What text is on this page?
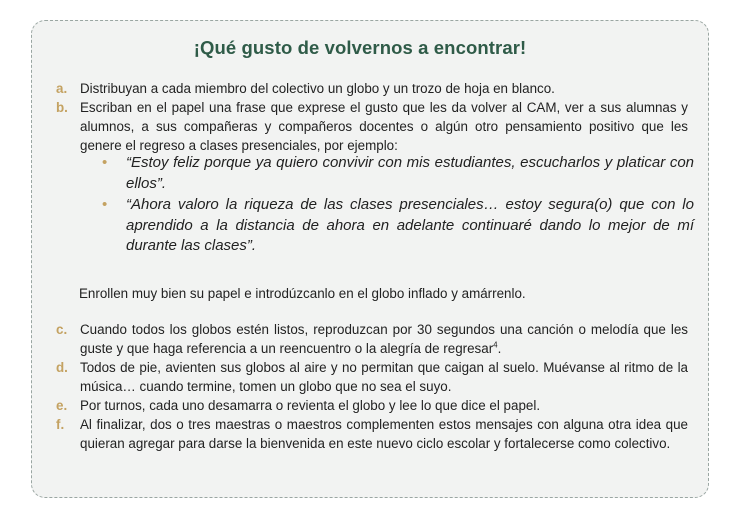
¡Qué gusto de volvernos a encontrar!
a. Distribuyan a cada miembro del colectivo un globo y un trozo de hoja en blanco.
b. Escriban en el papel una frase que exprese el gusto que les da volver al CAM, ver a sus alumnas y alumnos, a sus compañeras y compañeros docentes o algún otro pensamiento positivo que les genere el regreso a clases presenciales, por ejemplo:
• “Estoy feliz porque ya quiero convivir con mis estudiantes, escucharlos y platicar con ellos”.
• “Ahora valoro la riqueza de las clases presenciales… estoy segura(o) que con lo aprendido a la distancia de ahora en adelante continuaré dando lo mejor de mí durante las clases”.
Enrollen muy bien su papel e introdúzcanlo en el globo inflado y amárrenlo.
c. Cuando todos los globos estén listos, reproduzcan por 30 segundos una canción o melodía que les guste y que haga referencia a un reencuentro o la alegría de regresar$^4$.
d. Todos de pie, avienten sus globos al aire y no permitan que caigan al suelo. Muévanse al ritmo de la música… cuando termine, tomen un globo que no sea el suyo.
e. Por turnos, cada uno desamarra o revienta el globo y lee lo que dice el papel.
f.	Al finalizar, dos o tres maestras o maestros complementen estos mensajes con alguna otra idea que quieran agregar para darse la bienvenida en este nuevo ciclo escolar y fortalecerse como colectivo.
